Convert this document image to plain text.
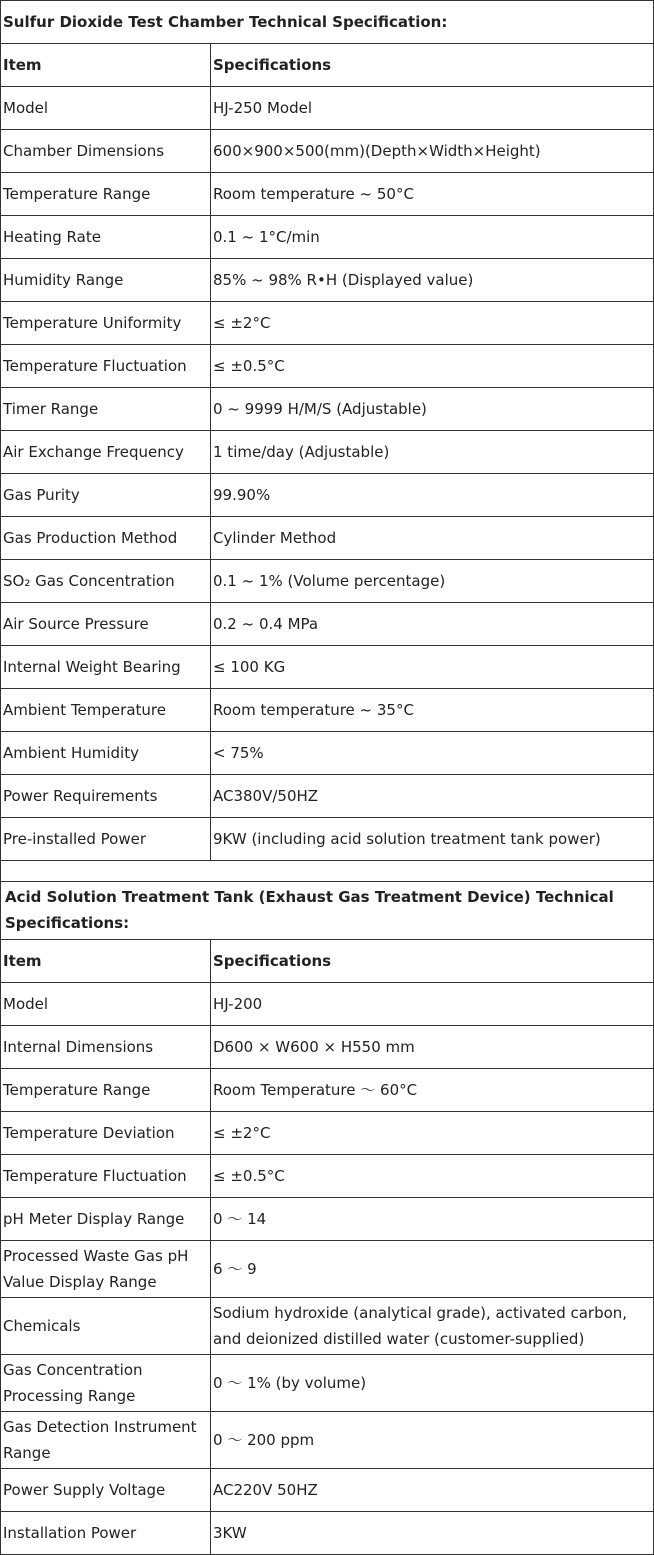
Sulfur Dioxide Test Chamber Technical Specification:	
Item	Specifications
Model	HJ-250 Model
Chamber Dimensions	600×900×500(mm)(Depth×Width×Height)
Temperature Range	Room temperature ~ 50°C
Heating Rate	0.1 ~ 1°C/min
Humidity Range	85% ~ 98% R•H (Displayed value)
Temperature Uniformity	≤ ±2°C
Temperature Fluctuation	≤ ±0.5°C
Timer Range	0 ~ 9999 H/M/S (Adjustable)
Air Exchange Frequency	1 time/day (Adjustable)
Gas Purity	99.90%
Gas Production Method	Cylinder Method
SO₂ Gas Concentration	0.1 ~ 1% (Volume percentage)
Air Source Pressure	0.2 ~ 0.4 MPa
Internal Weight Bearing	≤ 100 KG
Ambient Temperature	Room temperature ~ 35°C
Ambient Humidity	< 75%
Power Requirements	AC380V/50HZ
Pre-installed Power	9KW (including acid solution treatment tank power)

Acid Solution Treatment Tank (Exhaust Gas Treatment Device) Technical Specifications:	
Item	Specifications
Model	HJ-200
Internal Dimensions	D600 × W600 × H550 mm
Temperature Range	Room Temperature ～ 60°C
Temperature Deviation	≤ ±2°C
Temperature Fluctuation	≤ ±0.5°C
pH Meter Display Range	0 ～ 14
Processed Waste Gas pH Value Display Range	6 ～ 9
Chemicals	Sodium hydroxide (analytical grade), activated carbon, and deionized distilled water (customer-supplied)
Gas Concentration Processing Range	0 ～ 1% (by volume)
Gas Detection Instrument Range	0 ～ 200 ppm
Power Supply Voltage	AC220V 50HZ
Installation Power	3KW
